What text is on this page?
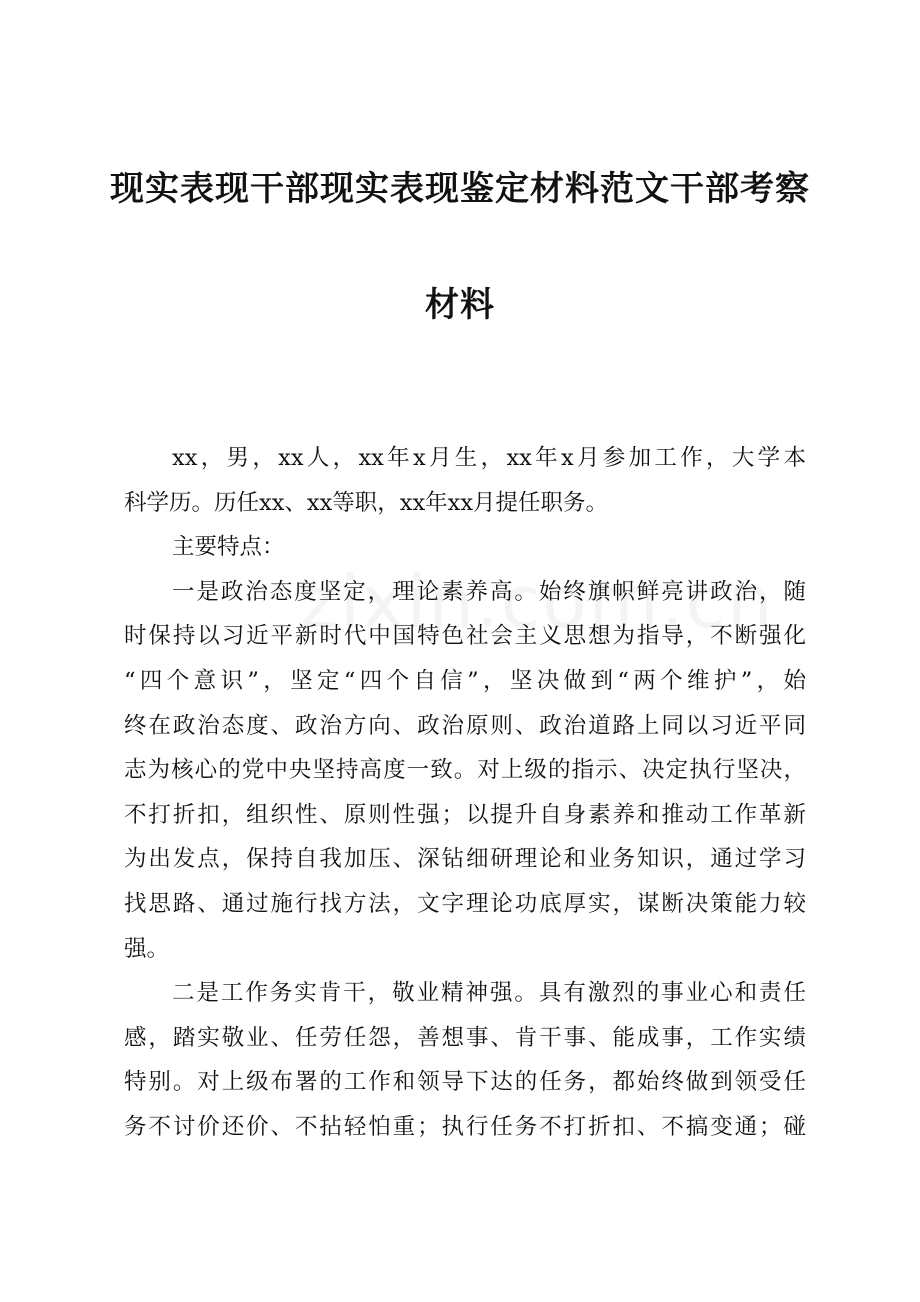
现实表现干部现实表现鉴定材料范文干部考察
材料
xx，男，xx人，xx年x月生，xx年x月参加工作，大学本
科学历。历任xx、xx等职，xx年xx月提任职务。
主要特点：
一是政治态度坚定，理论素养高。始终旗帜鲜亮讲政治，随
时保持以习近平新时代中国特色社会主义思想为指导，不断强化
“四个意识”，坚定“四个自信”，坚决做到“两个维护”，始
终在政治态度、政治方向、政治原则、政治道路上同以习近平同
志为核心的党中央坚持高度一致。对上级的指示、决定执行坚决，
不打折扣，组织性、原则性强；以提升自身素养和推动工作革新
为出发点，保持自我加压、深钻细研理论和业务知识，通过学习
找思路、通过施行找方法，文字理论功底厚实，谋断决策能力较
强。
二是工作务实肯干，敬业精神强。具有激烈的事业心和责任
感，踏实敬业、任劳任怨，善想事、肯干事、能成事，工作实绩
特别。对上级布署的工作和领导下达的任务，都始终做到领受任
务不讨价还价、不拈轻怕重；执行任务不打折扣、不搞变通；碰
